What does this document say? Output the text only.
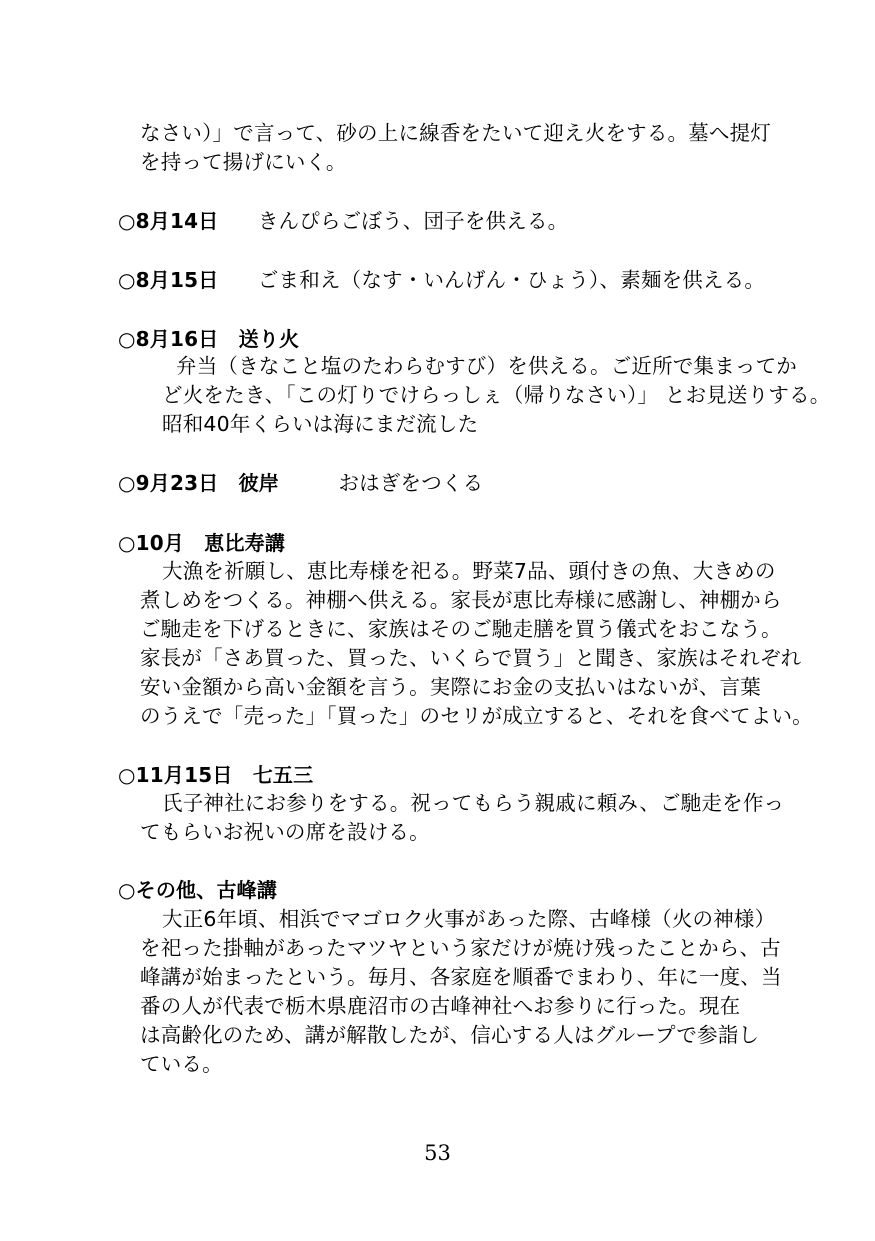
なさい）」で言って、砂の上に線香をたいて迎え火をする。墓へ提灯
を持って揚げにいく。
○8月14日 きんぴらごぼう、団子を供える。
○8月15日 ごま和え（なす・いんげん・ひょう）、素麺を供える。
○8月16日　送り火
弁当（きなこと塩のたわらむすび）を供える。ご近所で集まってか
ど火をたき、「この灯りでけらっしぇ（帰りなさい）」 とお見送りする。
昭和40年くらいは海にまだ流した
○9月23日　彼岸	おはぎをつくる
○10月　恵比寿講
大漁を祈願し、恵比寿様を祀る。野菜7品、頭付きの魚、大きめの
煮しめをつくる。神棚へ供える。家長が恵比寿様に感謝し、神棚から
ご馳走を下げるときに、家族はそのご馳走膳を買う儀式をおこなう。
家長が「さあ買った、買った、いくらで買う」と聞き、家族はそれぞれ
安い金額から高い金額を言う。実際にお金の支払いはないが、言葉
のうえで「売った」「買った」のセリが成立すると、それを食べてよい。
○11月15日　七五三
氏子神社にお参りをする。祝ってもらう親戚に頼み、ご馳走を作っ
てもらいお祝いの席を設ける。
○その他、古峰講
大正6年頃、相浜でマゴロク火事があった際、古峰様（火の神様）
を祀った掛軸があったマツヤという家だけが焼け残ったことから、古
峰講が始まったという。毎月、各家庭を順番でまわり、年に一度、当
番の人が代表で栃木県鹿沼市の古峰神社へお参りに行った。現在
は高齢化のため、講が解散したが、信心する人はグループで参詣し
ている。
53
